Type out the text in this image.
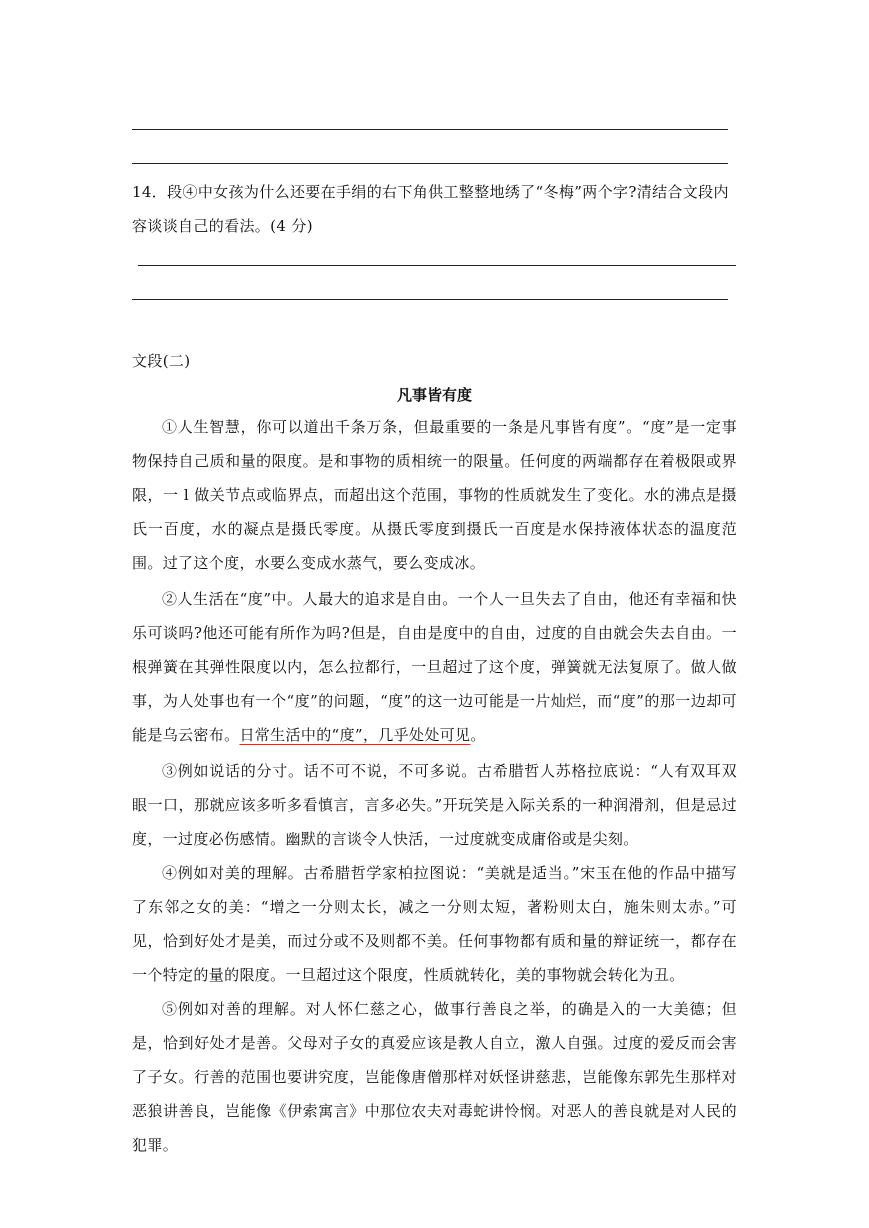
14．段④中女孩为什么还要在手绢的右下角供工整整地绣了“冬梅”两个字?清结合文段内
容谈谈自己的看法。(4 分)
文段(二)
凡事皆有度
①人生智慧，你可以道出千条万条，但最重要的一条是凡事皆有度”。“度”是一定事物保持自己质和量的限度。是和事物的质相统一的限量。任何度的两端都存在着极限或界限，一 l 做关节点或临界点，而超出这个范围，事物的性质就发生了变化。水的沸点是摄氏一百度，水的凝点是摄氏零度。从摄氏零度到摄氏一百度是水保持液体状态的温度范围。过了这个度，水要么变成水蒸气，要么变成冰。
②人生活在“度”中。人最大的追求是自由。一个人一旦失去了自由，他还有幸福和快乐可谈吗?他还可能有所作为吗?但是，自由是度中的自由，过度的自由就会失去自由。一根弹簧在其弹性限度以内，怎么拉都行，一旦超过了这个度，弹簧就无法复原了。做人做事，为人处事也有一个“度”的问题，“度”的这一边可能是一片灿烂，而“度”的那一边却可能是乌云密布。日常生活中的“度”，几乎处处可见。
③例如说话的分寸。话不可不说，不可多说。古希腊哲人苏格拉底说：“人有双耳双眼一口，那就应该多听多看慎言，言多必失。”开玩笑是入际关系的一种润滑剂，但是忌过度，一过度必伤感情。幽默的言谈令人快活，一过度就变成庸俗或是尖刻。
④例如对美的理解。古希腊哲学家柏拉图说：“美就是适当。”宋玉在他的作品中描写了东邻之女的美：“增之一分则太长，减之一分则太短，著粉则太白，施朱则太赤。”可见，恰到好处才是美，而过分或不及则都不美。任何事物都有质和量的辩证统一，都存在一个特定的量的限度。一旦超过这个限度，性质就转化，美的事物就会转化为丑。
⑤例如对善的理解。对人怀仁慈之心，做事行善良之举，的确是入的一大美德；但是，恰到好处才是善。父母对子女的真爱应该是教人自立，激人自强。过度的爱反而会害了子女。行善的范围也要讲究度，岂能像唐僧那样对妖怪讲慈悲，岂能像东郭先生那样对恶狼讲善良，岂能像《伊索寓言》中那位农夫对毒蛇讲怜悯。对恶人的善良就是对人民的犯罪。
